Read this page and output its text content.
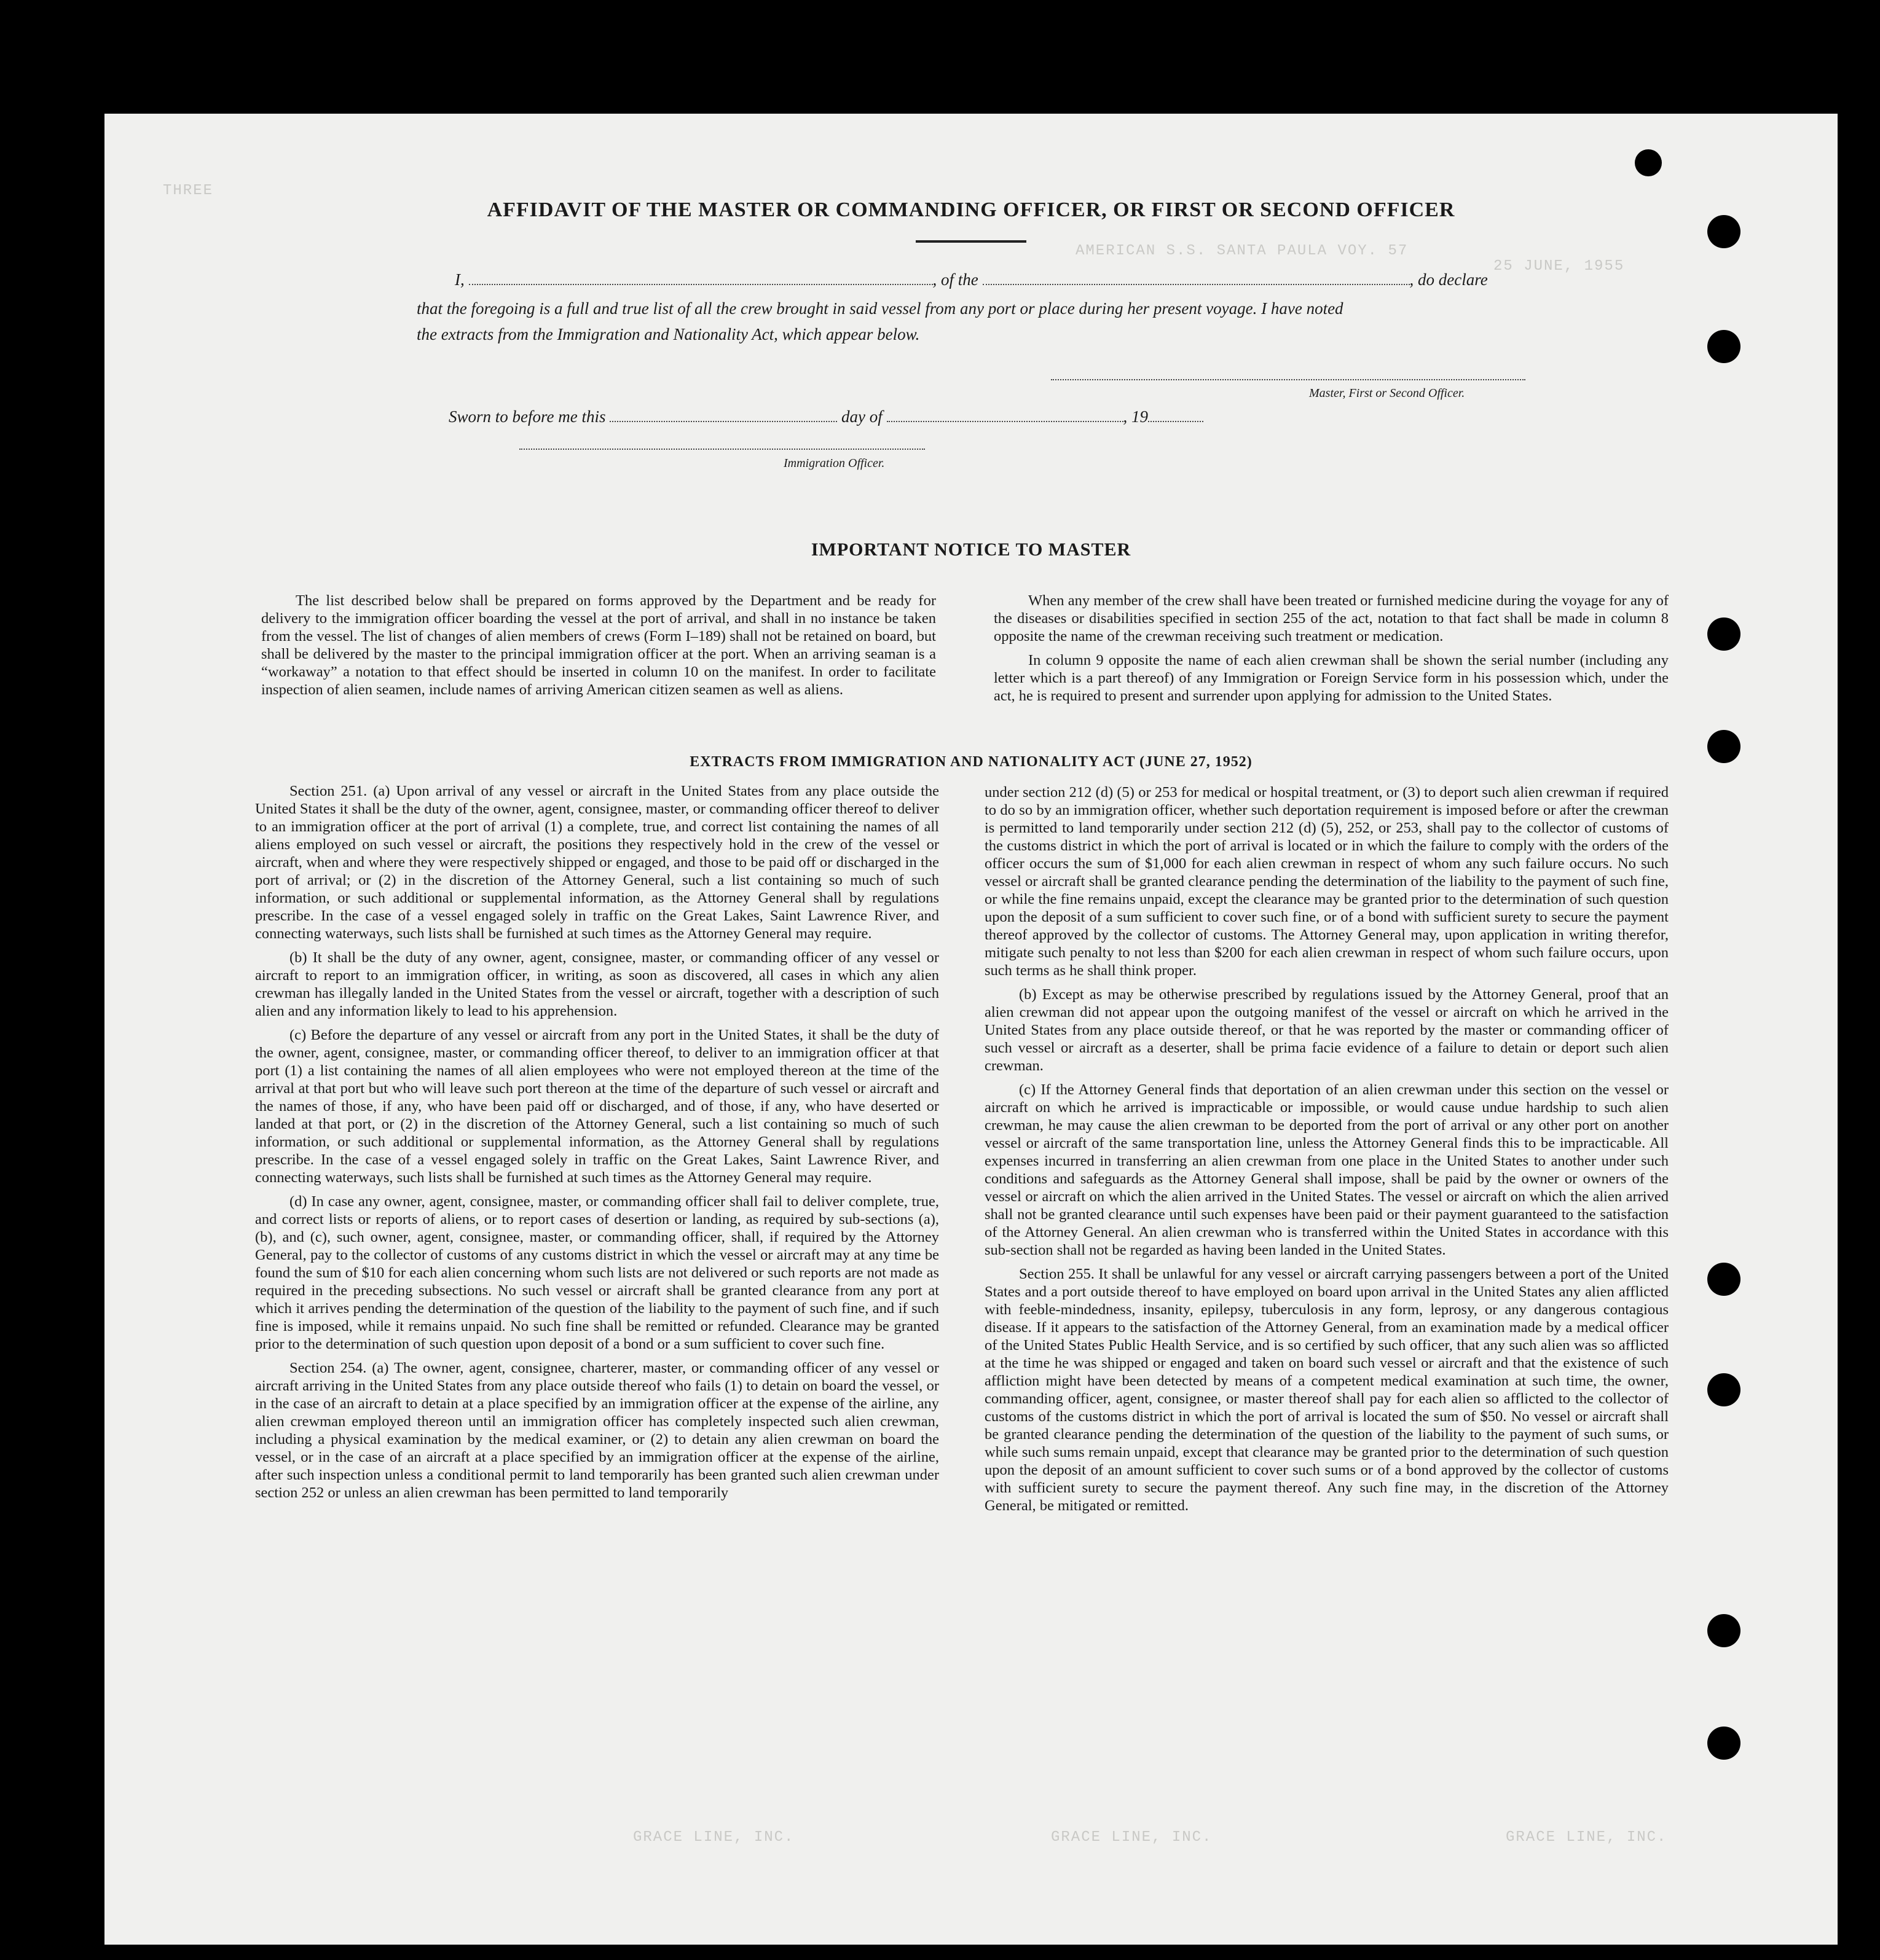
THREE
AMERICAN S.S. SANTA PAULA VOY. 57
25 JUNE, 1955
GRACE LINE, INC.	GRACE LINE, INC.	GRACE LINE, INC.
AFFIDAVIT OF THE MASTER OR COMMANDING OFFICER, OR FIRST OR SECOND OFFICER
I,	, of the	, do declare
that the foregoing is a full and true list of all the crew brought in said vessel from any port or place during her present voyage. I have noted
the extracts from the Immigration and Nationality Act, which appear below.
Master, First or Second Officer.
Sworn to before me this	day of	, 19
Immigration Officer.
IMPORTANT NOTICE TO MASTER

The list described below shall be prepared on forms approved by the Department and be ready for delivery to the immigration officer boarding the vessel at the port of arrival, and shall in no instance be taken from the vessel. The list of changes of alien members of crews (Form I–189) shall not be retained on board, but shall be delivered by the master to the principal immigration officer at the port. When an arriving seaman is a “workaway” a notation to that effect should be inserted in column 10 on the manifest. In order to facilitate inspection of alien seamen, include names of arriving American citizen seamen as well as aliens.

When any member of the crew shall have been treated or furnished medicine during the voyage for any of the diseases or disabilities specified in section 255 of the act, notation to that fact shall be made in column 8 opposite the name of the crewman receiving such treatment or medication.

In column 9 opposite the name of each alien crewman shall be shown the serial number (including any letter which is a part thereof) of any Immigration or Foreign Service form in his possession which, under the act, he is required to present and surrender upon applying for admission to the United States.

EXTRACTS FROM IMMIGRATION AND NATIONALITY ACT (JUNE 27, 1952)

Section 251. (a) Upon arrival of any vessel or aircraft in the United States from any place outside the United States it shall be the duty of the owner, agent, consignee, master, or commanding officer thereof to deliver to an immigration officer at the port of arrival (1) a complete, true, and correct list containing the names of all aliens employed on such vessel or aircraft, the positions they respectively hold in the crew of the vessel or aircraft, when and where they were respectively shipped or engaged, and those to be paid off or discharged in the port of arrival; or (2) in the discretion of the Attorney General, such a list containing so much of such information, or such additional or supplemental information, as the Attorney General shall by regulations prescribe. In the case of a vessel engaged solely in traffic on the Great Lakes, Saint Lawrence River, and connecting waterways, such lists shall be furnished at such times as the Attorney General may require.

(b) It shall be the duty of any owner, agent, consignee, master, or commanding officer of any vessel or aircraft to report to an immigration officer, in writing, as soon as discovered, all cases in which any alien crewman has illegally landed in the United States from the vessel or aircraft, together with a description of such alien and any information likely to lead to his apprehension.

(c) Before the departure of any vessel or aircraft from any port in the United States, it shall be the duty of the owner, agent, consignee, master, or commanding officer thereof, to deliver to an immigration officer at that port (1) a list containing the names of all alien employees who were not employed thereon at the time of the arrival at that port but who will leave such port thereon at the time of the departure of such vessel or aircraft and the names of those, if any, who have been paid off or discharged, and of those, if any, who have deserted or landed at that port, or (2) in the discretion of the Attorney General, such a list containing so much of such information, or such additional or supplemental information, as the Attorney General shall by regulations prescribe. In the case of a vessel engaged solely in traffic on the Great Lakes, Saint Lawrence River, and connecting waterways, such lists shall be furnished at such times as the Attorney General may require.

(d) In case any owner, agent, consignee, master, or commanding officer shall fail to deliver complete, true, and correct lists or reports of aliens, or to report cases of desertion or landing, as required by sub-sections (a), (b), and (c), such owner, agent, consignee, master, or commanding officer, shall, if required by the Attorney General, pay to the collector of customs of any customs district in which the vessel or aircraft may at any time be found the sum of $10 for each alien concerning whom such lists are not delivered or such reports are not made as required in the preceding subsections. No such vessel or aircraft shall be granted clearance from any port at which it arrives pending the determination of the question of the liability to the payment of such fine, and if such fine is imposed, while it remains unpaid. No such fine shall be remitted or refunded. Clearance may be granted prior to the determination of such question upon deposit of a bond or a sum sufficient to cover such fine.

Section 254. (a) The owner, agent, consignee, charterer, master, or commanding officer of any vessel or aircraft arriving in the United States from any place outside thereof who fails (1) to detain on board the vessel, or in the case of an aircraft to detain at a place specified by an immigration officer at the expense of the airline, any alien crewman employed thereon until an immigration officer has completely inspected such alien crewman, including a physical examination by the medical examiner, or (2) to detain any alien crewman on board the vessel, or in the case of an aircraft at a place specified by an immigration officer at the expense of the airline, after such inspection unless a conditional permit to land temporarily has been granted such alien crewman under section 252 or unless an alien crewman has been permitted to land temporarily

under section 212 (d) (5) or 253 for medical or hospital treatment, or (3) to deport such alien crewman if required to do so by an immigration officer, whether such deportation requirement is imposed before or after the crewman is permitted to land temporarily under section 212 (d) (5), 252, or 253, shall pay to the collector of customs of the customs district in which the port of arrival is located or in which the failure to comply with the orders of the officer occurs the sum of $1,000 for each alien crewman in respect of whom any such failure occurs. No such vessel or aircraft shall be granted clearance pending the determination of the liability to the payment of such fine, or while the fine remains unpaid, except the clearance may be granted prior to the determination of such question upon the deposit of a sum sufficient to cover such fine, or of a bond with sufficient surety to secure the payment thereof approved by the collector of customs. The Attorney General may, upon application in writing therefor, mitigate such penalty to not less than $200 for each alien crewman in respect of whom such failure occurs, upon such terms as he shall think proper.

(b) Except as may be otherwise prescribed by regulations issued by the Attorney General, proof that an alien crewman did not appear upon the outgoing manifest of the vessel or aircraft on which he arrived in the United States from any place outside thereof, or that he was reported by the master or commanding officer of such vessel or aircraft as a deserter, shall be prima facie evidence of a failure to detain or deport such alien crewman.

(c) If the Attorney General finds that deportation of an alien crewman under this section on the vessel or aircraft on which he arrived is impracticable or impossible, or would cause undue hardship to such alien crewman, he may cause the alien crewman to be deported from the port of arrival or any other port on another vessel or aircraft of the same transportation line, unless the Attorney General finds this to be impracticable. All expenses incurred in transferring an alien crewman from one place in the United States to another under such conditions and safeguards as the Attorney General shall impose, shall be paid by the owner or owners of the vessel or aircraft on which the alien arrived in the United States. The vessel or aircraft on which the alien arrived shall not be granted clearance until such expenses have been paid or their payment guaranteed to the satisfaction of the Attorney General. An alien crewman who is transferred within the United States in accordance with this sub-section shall not be regarded as having been landed in the United States.

Section 255. It shall be unlawful for any vessel or aircraft carrying passengers between a port of the United States and a port outside thereof to have employed on board upon arrival in the United States any alien afflicted with feeble-mindedness, insanity, epilepsy, tuberculosis in any form, leprosy, or any dangerous contagious disease. If it appears to the satisfaction of the Attorney General, from an examination made by a medical officer of the United States Public Health Service, and is so certified by such officer, that any such alien was so afflicted at the time he was shipped or engaged and taken on board such vessel or aircraft and that the existence of such affliction might have been detected by means of a competent medical examination at such time, the owner, commanding officer, agent, consignee, or master thereof shall pay for each alien so afflicted to the collector of customs of the customs district in which the port of arrival is located the sum of $50. No vessel or aircraft shall be granted clearance pending the determination of the question of the liability to the payment of such sums, or while such sums remain unpaid, except that clearance may be granted prior to the determination of such question upon the deposit of an amount sufficient to cover such sums or of a bond approved by the collector of customs with sufficient surety to secure the payment thereof. Any such fine may, in the discretion of the Attorney General, be mitigated or remitted.
